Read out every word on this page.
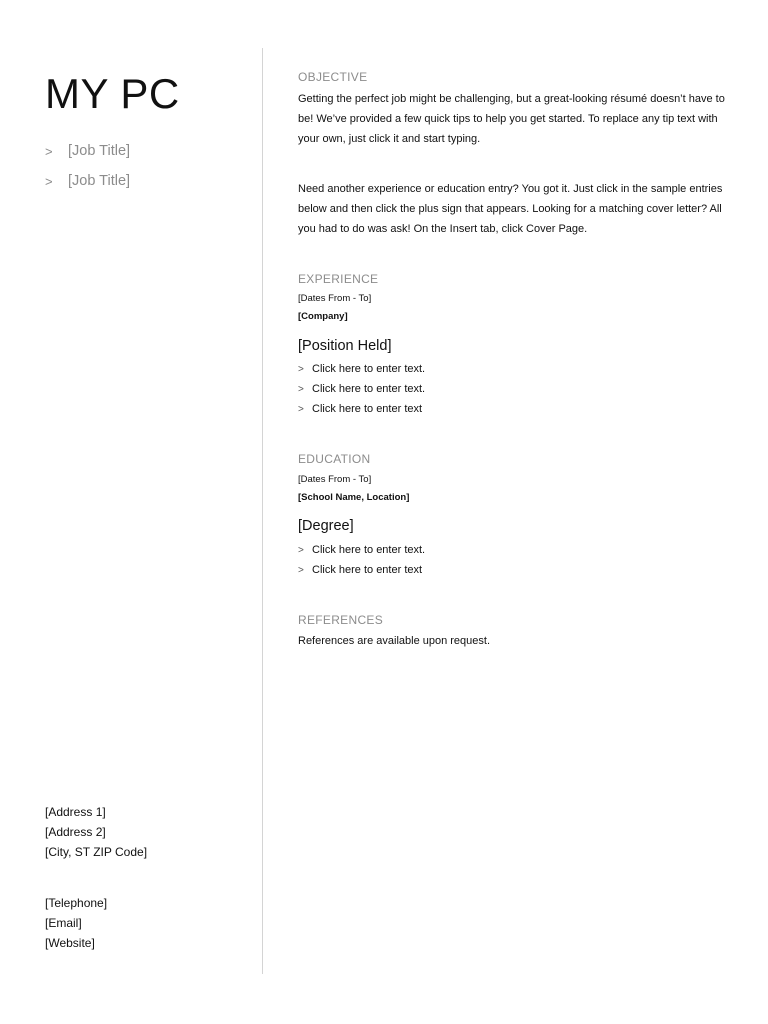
MY PC
>	[Job Title]
>	[Job Title]
[Address 1]
[Address 2]
[City, ST ZIP Code]
[Telephone]
[Email]
[Website]
OBJECTIVE
Getting the perfect job might be challenging, but a great-looking résumé doesn’t have to be! We’ve provided a few quick tips to help you get started. To replace any tip text with your own, just click it and start typing.
Need another experience or education entry? You got it. Just click in the sample entries below and then click the plus sign that appears. Looking for a matching cover letter? All you had to do was ask! On the Insert tab, click Cover Page.
EXPERIENCE
[Dates From - To]
[Company]
[Position Held]
> Click here to enter text.
> Click here to enter text.
> Click here to enter text
EDUCATION
[Dates From - To]
[School Name, Location]
[Degree]
> Click here to enter text.
> Click here to enter text
REFERENCES
References are available upon request.
